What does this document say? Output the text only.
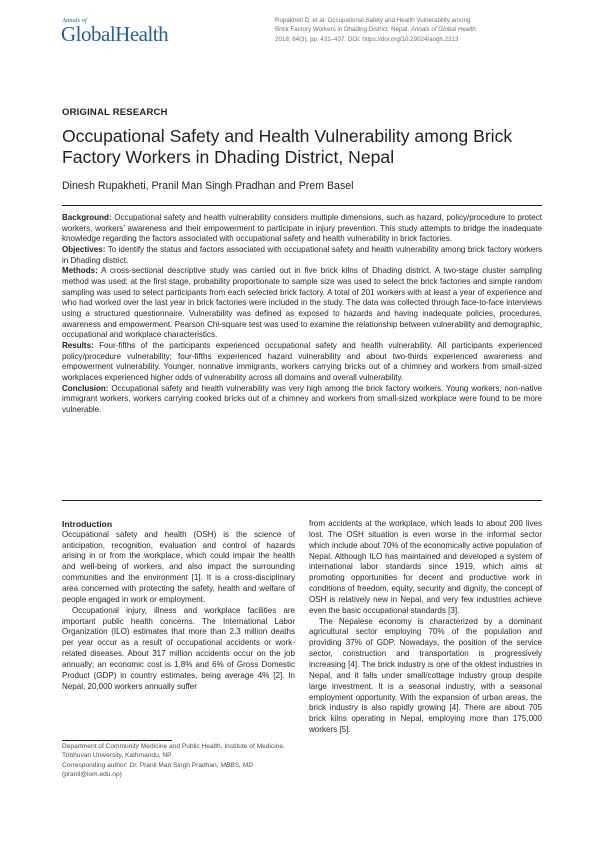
Annals of
GlobalHealth
Rupakheti D, et al. Occupational Safety and Health Vulnerability among
Brick Factory Workers in Dhading District, Nepal. Annals of Global Health.
2018; 84(3), pp. 431–437. DOI: https://doi.org/10.29024/aogh.2313
ORIGINAL RESEARCH
Occupational Safety and Health Vulnerability among Brick Factory Workers in Dhading District, Nepal
Dinesh Rupakheti, Pranil Man Singh Pradhan and Prem Basel

Background: Occupational safety and health vulnerability considers multiple dimensions, such as hazard, policy/procedure to protect workers, workers’ awareness and their empowerment to participate in injury prevention. This study attempts to bridge the inadequate knowledge regarding the factors associated with occupational safety and health vulnerability in brick factories.

Objectives: To identify the status and factors associated with occupational safety and health vulnerability among brick factory workers in Dhading district.

Methods: A cross-sectional descriptive study was carried out in five brick kilns of Dhading district. A two-stage cluster sampling method was used; at the first stage, probability proportionate to sample size was used to select the brick factories and simple random sampling was used to select participants from each selected brick factory. A total of 201 workers with at least a year of experience and who had worked over the last year in brick factories were included in the study. The data was collected through face-to-face interviews using a structured questionnaire. Vulnerability was defined as exposed to hazards and having inadequate policies, procedures, awareness and empowerment. Pearson Chi-square test was used to examine the relationship between vulnerability and demographic, occupational and workplace characteristics.

Results: Four-fifths of the participants experienced occupational safety and health vulnerability. All participants experienced policy/procedure vulnerability; four-fifths experienced hazard vulnerability and about two-thirds experienced awareness and empowerment vulnerability. Younger, nonnative immigrants, workers carrying bricks out of a chimney and workers from small-sized workplaces experienced higher odds of vulnerability across all domains and overall vulnerability.

Conclusion: Occupational safety and health vulnerability was very high among the brick factory workers. Young workers, non-native immigrant workers, workers carrying cooked bricks out of a chimney and workers from small-sized workplace were found to be more vulnerable.

Introduction

Occupational safety and health (OSH) is the science of anticipation, recognition, evaluation and control of hazards arising in or from the workplace, which could impair the health and well-being of workers, and also impact the surrounding communities and the environment [1]. It is a cross-disciplinary area concerned with protecting the safety, health and welfare of people engaged in work or employment.

Occupational injury, illness and workplace facilities are important public health concerns. The International Labor Organization (ILO) estimates that more than 2.3 million deaths per year occur as a result of occupational accidents or work-related diseases. About 317 million accidents occur on the job annually; an economic cost is 1.8% and 6% of Gross Domestic Product (GDP) in country estimates, being average 4% [2]. In Nepal, 20,000 workers annually suffer

from accidents at the workplace, which leads to about 200 lives lost. The OSH situation is even worse in the informal sector which include about 70% of the economically active population of Nepal. Although ILO has maintained and developed a system of international labor standards since 1919, which aims at promoting opportunities for decent and productive work in conditions of freedom, equity, security and dignity, the concept of OSH is relatively new in Nepal, and very few industries achieve even the basic occupational standards [3].

The Nepalese economy is characterized by a dominant agricultural sector employing 70% of the population and providing 37% of GDP. Nowadays, the position of the service sector, construction and transportation is progressively increasing [4]. The brick industry is one of the oldest industries in Nepal, and it falls under small/cottage industry group despite large investment. It is a seasonal industry, with a seasonal employment opportunity. With the expansion of urban areas, the brick industry is also rapidly growing [4]. There are about 705 brick kilns operating in Nepal, employing more than 175,000 workers [5].

Department of Community Medicine and Public Health, Institute of Medicine, Tribhuvan University, Kathmandu, NP

Corresponding author: Dr. Pranil Man Singh Pradhan, MBBS, MD

(pranil@iom.edu.np)
